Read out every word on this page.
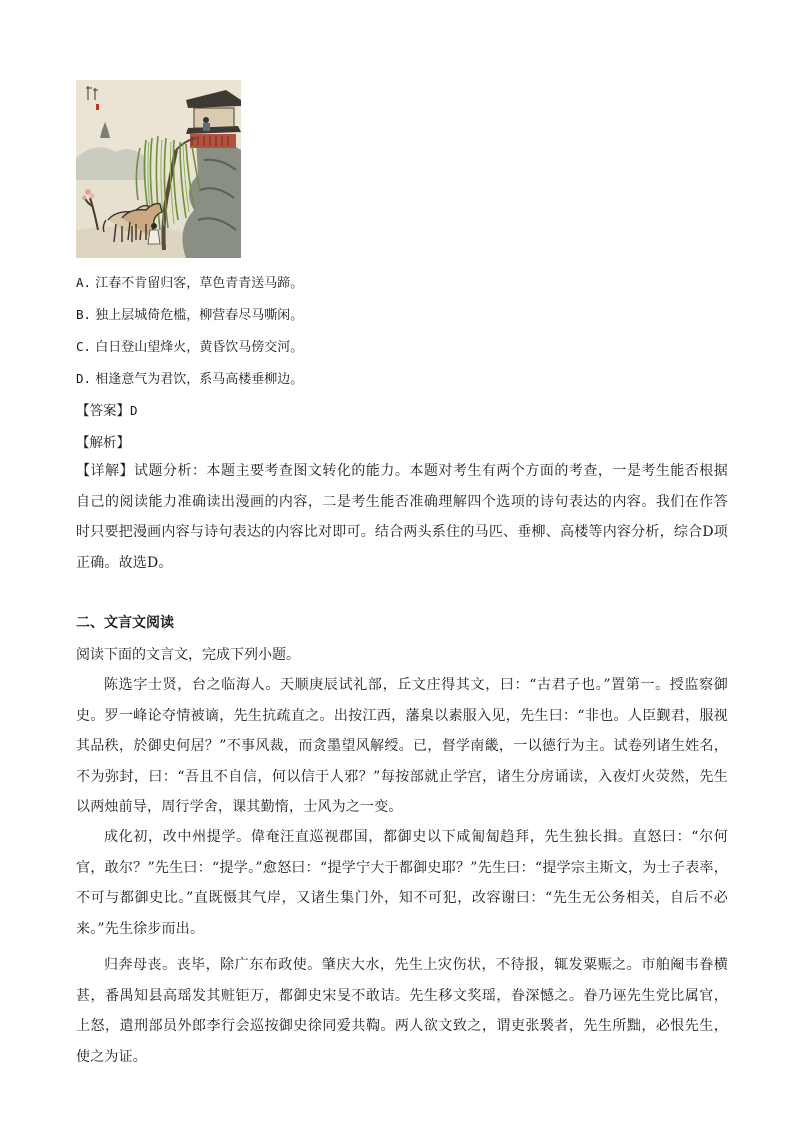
A. 江春不肯留归客，草色青青送马蹄。
B. 独上层城倚危槛，柳营春尽马嘶闲。
C. 白日登山望烽火，黄昏饮马傍交河。
D. 相逢意气为君饮，系马高楼垂柳边。
【答案】D
【解析】
【详解】试题分析：本题主要考查图文转化的能力。本题对考生有两个方面的考查，一是考生能否根据自己的阅读能力准确读出漫画的内容，二是考生能否准确理解四个选项的诗句表达的内容。我们在作答时只要把漫画内容与诗句表达的内容比对即可。结合两头系住的马匹、垂柳、高楼等内容分析，综合D项正确。故选D。
二、文言文阅读
阅读下面的文言文，完成下列小题。
陈选字士贤，台之临海人。天顺庚辰试礼部，丘文庄得其文，曰：“古君子也。”置第一。授监察御史。罗一峰论夺情被谪，先生抗疏直之。出按江西，藩臬以素服入见，先生曰：“非也。人臣觐君，服视其品秩，於御史何居？”不事风裁，而贪墨望风解绶。已，督学南畿，一以德行为主。试卷列诸生姓名，不为弥封，曰：“吾且不自信，何以信于人邪？”每按部就止学宫，诸生分房诵读，入夜灯火荧然，先生以两烛前导，周行学舍，课其勤惰，士风为之一变。
成化初，改中州提学。偉奄汪直巡视郡国，都御史以下咸匍匐趋拜，先生独长揖。直怒曰：“尔何官，敢尔？”先生曰：“提学。”愈怒曰：“提学宁大于都御史耶？”先生曰：“提学宗主斯文，为士子表率，不可与都御史比。”直既慑其气岸，又诸生集门外，知不可犯，改容谢曰：“先生无公务相关，自后不必来。”先生徐步而出。
归奔母丧。丧毕，除广东布政使。肇庆大水，先生上灾伤状，不待报，辄发粟赈之。市舶阉韦眷横甚，番禺知县高瑶发其赃钜万，都御史宋旻不敢诘。先生移文奖瑶，眷深憾之。眷乃诬先生党比属官，上怒，遣刑部员外郎李行会巡按御史徐同爱共鞫。两人欲文致之，谓吏张褧者，先生所黜，必恨先生，使之为证。
